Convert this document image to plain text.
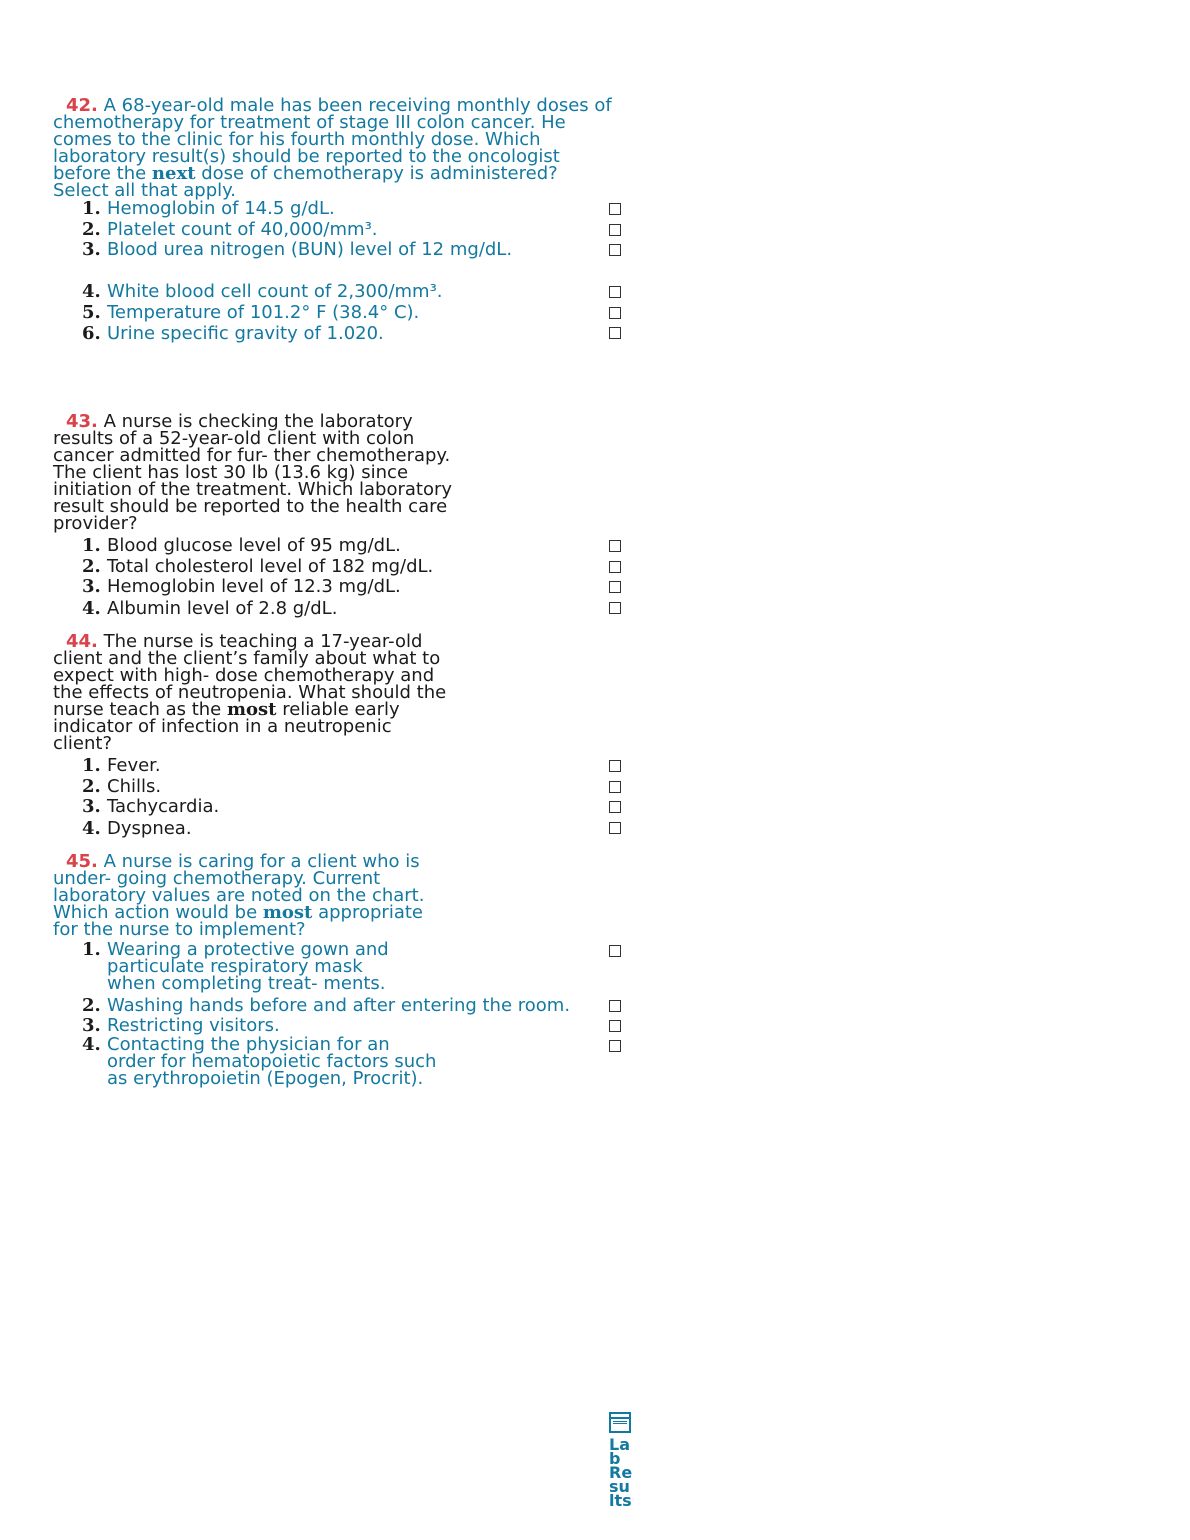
42. A 68-year-old male has been receiving monthly doses of chemotherapy for treatment of stage III colon cancer. He comes to the clinic for his fourth monthly dose. Which laboratory result(s) should be reported to the oncologist before the next dose of chemotherapy is administered? Select all that apply.

1. Hemoglobin of 14.5 g/dL.
2. Platelet count of 40,000/mm³.
3. Blood urea nitrogen (BUN) level of 12 mg/dL.
4. White blood cell count of 2,300/mm³.
5. Temperature of 101.2° F (38.4° C).
6. Urine specific gravity of 1.020.

43. A nurse is checking the laboratory results of a 52-year-old client with colon cancer admitted for fur- ther chemotherapy. The client has lost 30 lb (13.6 kg) since initiation of the treatment. Which laboratory result should be reported to the health care provider?

1. Blood glucose level of 95 mg/dL.
2. Total cholesterol level of 182 mg/dL.
3. Hemoglobin level of 12.3 mg/dL.
4. Albumin level of 2.8 g/dL.

44. The nurse is teaching a 17-year-old client and the client’s family about what to expect with high- dose chemotherapy and the effects of neutropenia. What should the nurse teach as the most reliable early indicator of infection in a neutropenic client?

1. Fever.
2. Chills.
3. Tachycardia.
4. Dyspnea.

45. A nurse is caring for a client who is under- going chemotherapy. Current laboratory values are noted on the chart. Which action would be most appropriate for the nurse to implement?

1. Wearing a protective gown and particulate respiratory mask when completing treat- ments.
2. Washing hands before and after entering the room.
3. Restricting visitors.
4. Contacting the physician for an order for hematopoietic factors such as erythropoietin (Epogen, Procrit).
Lab Results
